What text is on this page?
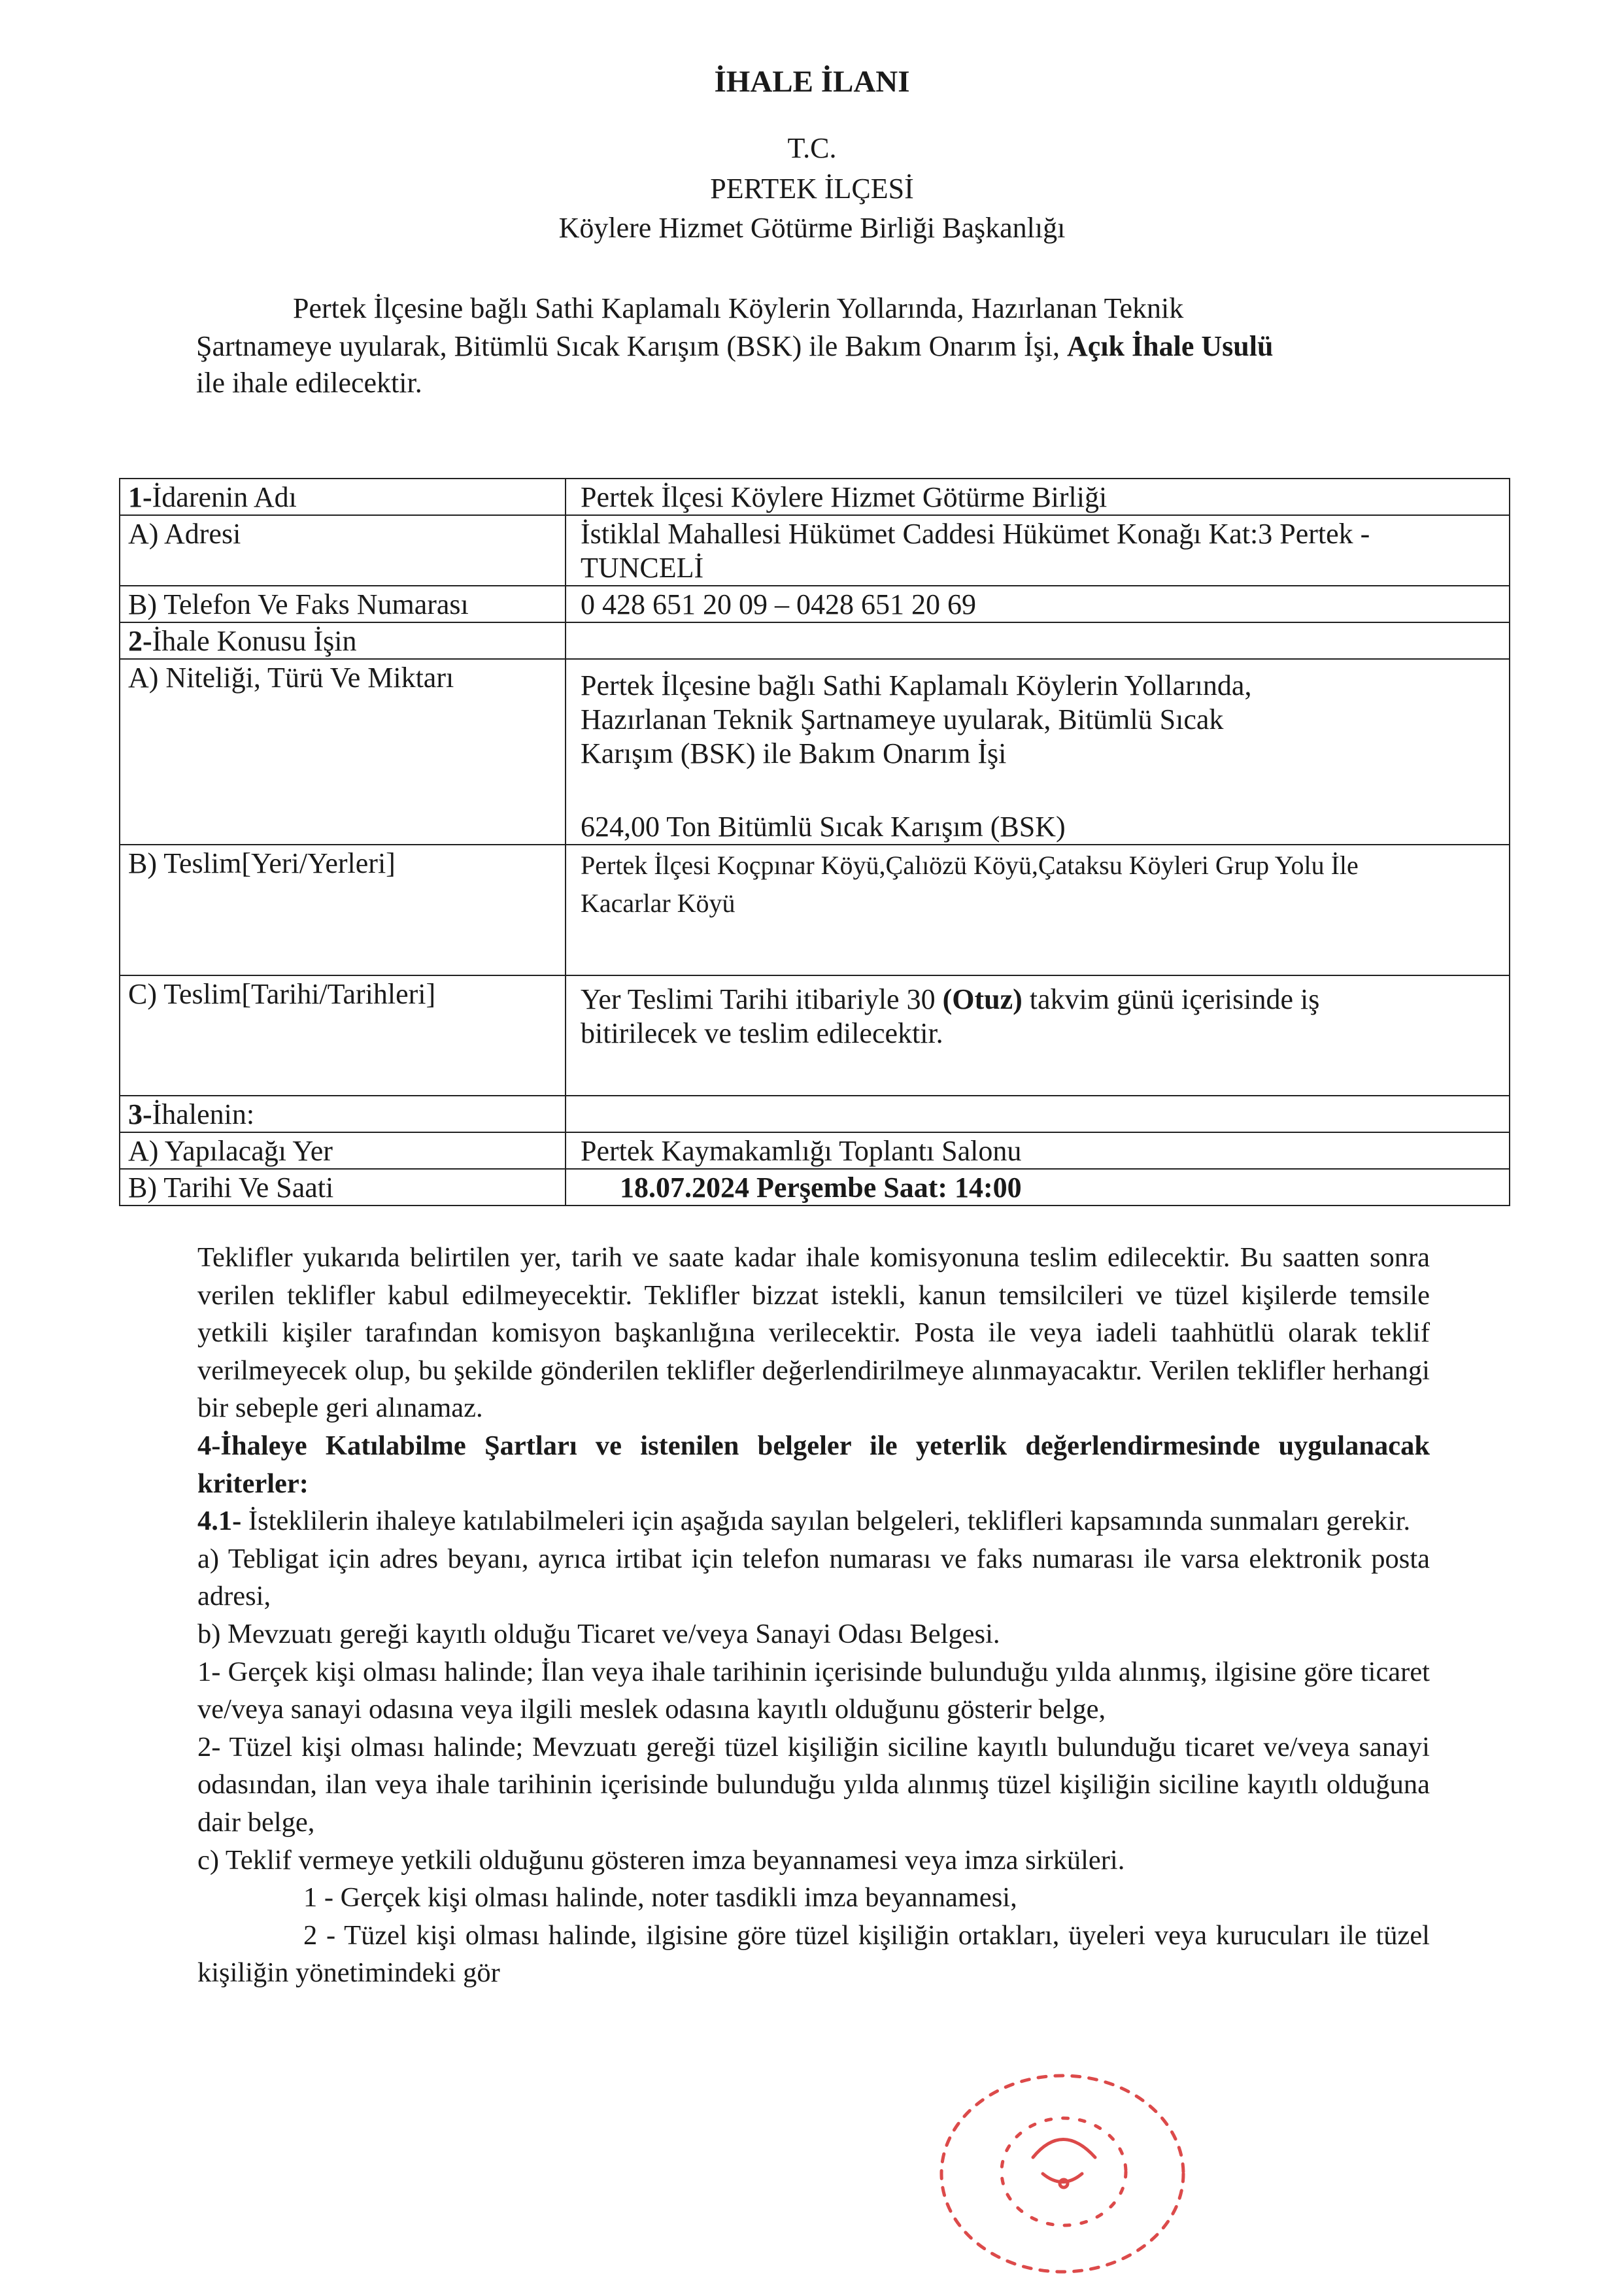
İHALE İLANI
T.C.
PERTEK İLÇESİ
Köylere Hizmet Götürme Birliği Başkanlığı
Pertek İlçesine bağlı Sathi Kaplamalı Köylerin Yollarında, Hazırlanan Teknik
Şartnameye uyularak, Bitümlü Sıcak Karışım (BSK) ile Bakım Onarım İşi, Açık İhale Usulü
ile ihale edilecektir.
1-İdarenin Adı	Pertek İlçesi Köylere Hizmet Götürme Birliği
A) Adresi	İstiklal Mahallesi Hükümet Caddesi Hükümet Konağı Kat:3 Pertek -
TUNCELİ

B) Telefon Ve Faks Numarası	0 428 651 20 09 – 0428 651 20 69
2-İhale Konusu İşin	
A) Niteliği, Türü Ve Miktarı	Pertek İlçesine bağlı Sathi Kaplamalı Köylerin Yollarında,
Hazırlanan Teknik Şartnameye uyularak, Bitümlü Sıcak
Karışım (BSK) ile Bakım Onarım İşi
624,00 Ton Bitümlü Sıcak Karışım (BSK)

B) Teslim[Yeri/Yerleri]	Pertek İlçesi Koçpınar Köyü,Çalıözü Köyü,Çataksu Köyleri Grup Yolu İle
Kacarlar Köyü

C) Teslim[Tarihi/Tarihleri]	Yer Teslimi Tarihi itibariyle 30 (Otuz) takvim günü içerisinde iş
bitirilecek ve teslim edilecektir.

3-İhalenin:	
A) Yapılacağı Yer	Pertek Kaymakamlığı Toplantı Salonu
B) Tarihi Ve Saati	18.07.2024 Perşembe Saat: 14:00

Teklifler yukarıda belirtilen yer, tarih ve saate kadar ihale komisyonuna teslim edilecektir. Bu saatten sonra verilen teklifler kabul edilmeyecektir. Teklifler bizzat istekli, kanun temsilcileri ve tüzel kişilerde temsile yetkili kişiler tarafından komisyon başkanlığına verilecektir. Posta ile veya iadeli taahhütlü olarak teklif verilmeyecek olup, bu şekilde gönderilen teklifler değerlendirilmeye alınmayacaktır. Verilen teklifler herhangi bir sebeple geri alınamaz.

4-İhaleye Katılabilme Şartları ve istenilen belgeler ile yeterlik değerlendirmesinde uygulanacak kriterler:

4.1- İsteklilerin ihaleye katılabilmeleri için aşağıda sayılan belgeleri, teklifleri kapsamında sunmaları gerekir.

a) Tebligat için adres beyanı, ayrıca irtibat için telefon numarası ve faks numarası ile varsa elektronik posta adresi,

b) Mevzuatı gereği kayıtlı olduğu Ticaret ve/veya Sanayi Odası Belgesi.

1- Gerçek kişi olması halinde; İlan veya ihale tarihinin içerisinde bulunduğu yılda alınmış, ilgisine göre ticaret ve/veya sanayi odasına veya ilgili meslek odasına kayıtlı olduğunu gösterir belge,

2- Tüzel kişi olması halinde; Mevzuatı gereği tüzel kişiliğin siciline kayıtlı bulunduğu ticaret ve/veya sanayi odasından, ilan veya ihale tarihinin içerisinde bulunduğu yılda alınmış tüzel kişiliğin siciline kayıtlı olduğuna dair belge,

c) Teklif vermeye yetkili olduğunu gösteren imza beyannamesi veya imza sirküleri.

1 - Gerçek kişi olması halinde, noter tasdikli imza beyannamesi,

2 - Tüzel kişi olması halinde, ilgisine göre tüzel kişiliğin ortakları, üyeleri veya kurucuları ile tüzel kişiliğin yönetimindeki gör
